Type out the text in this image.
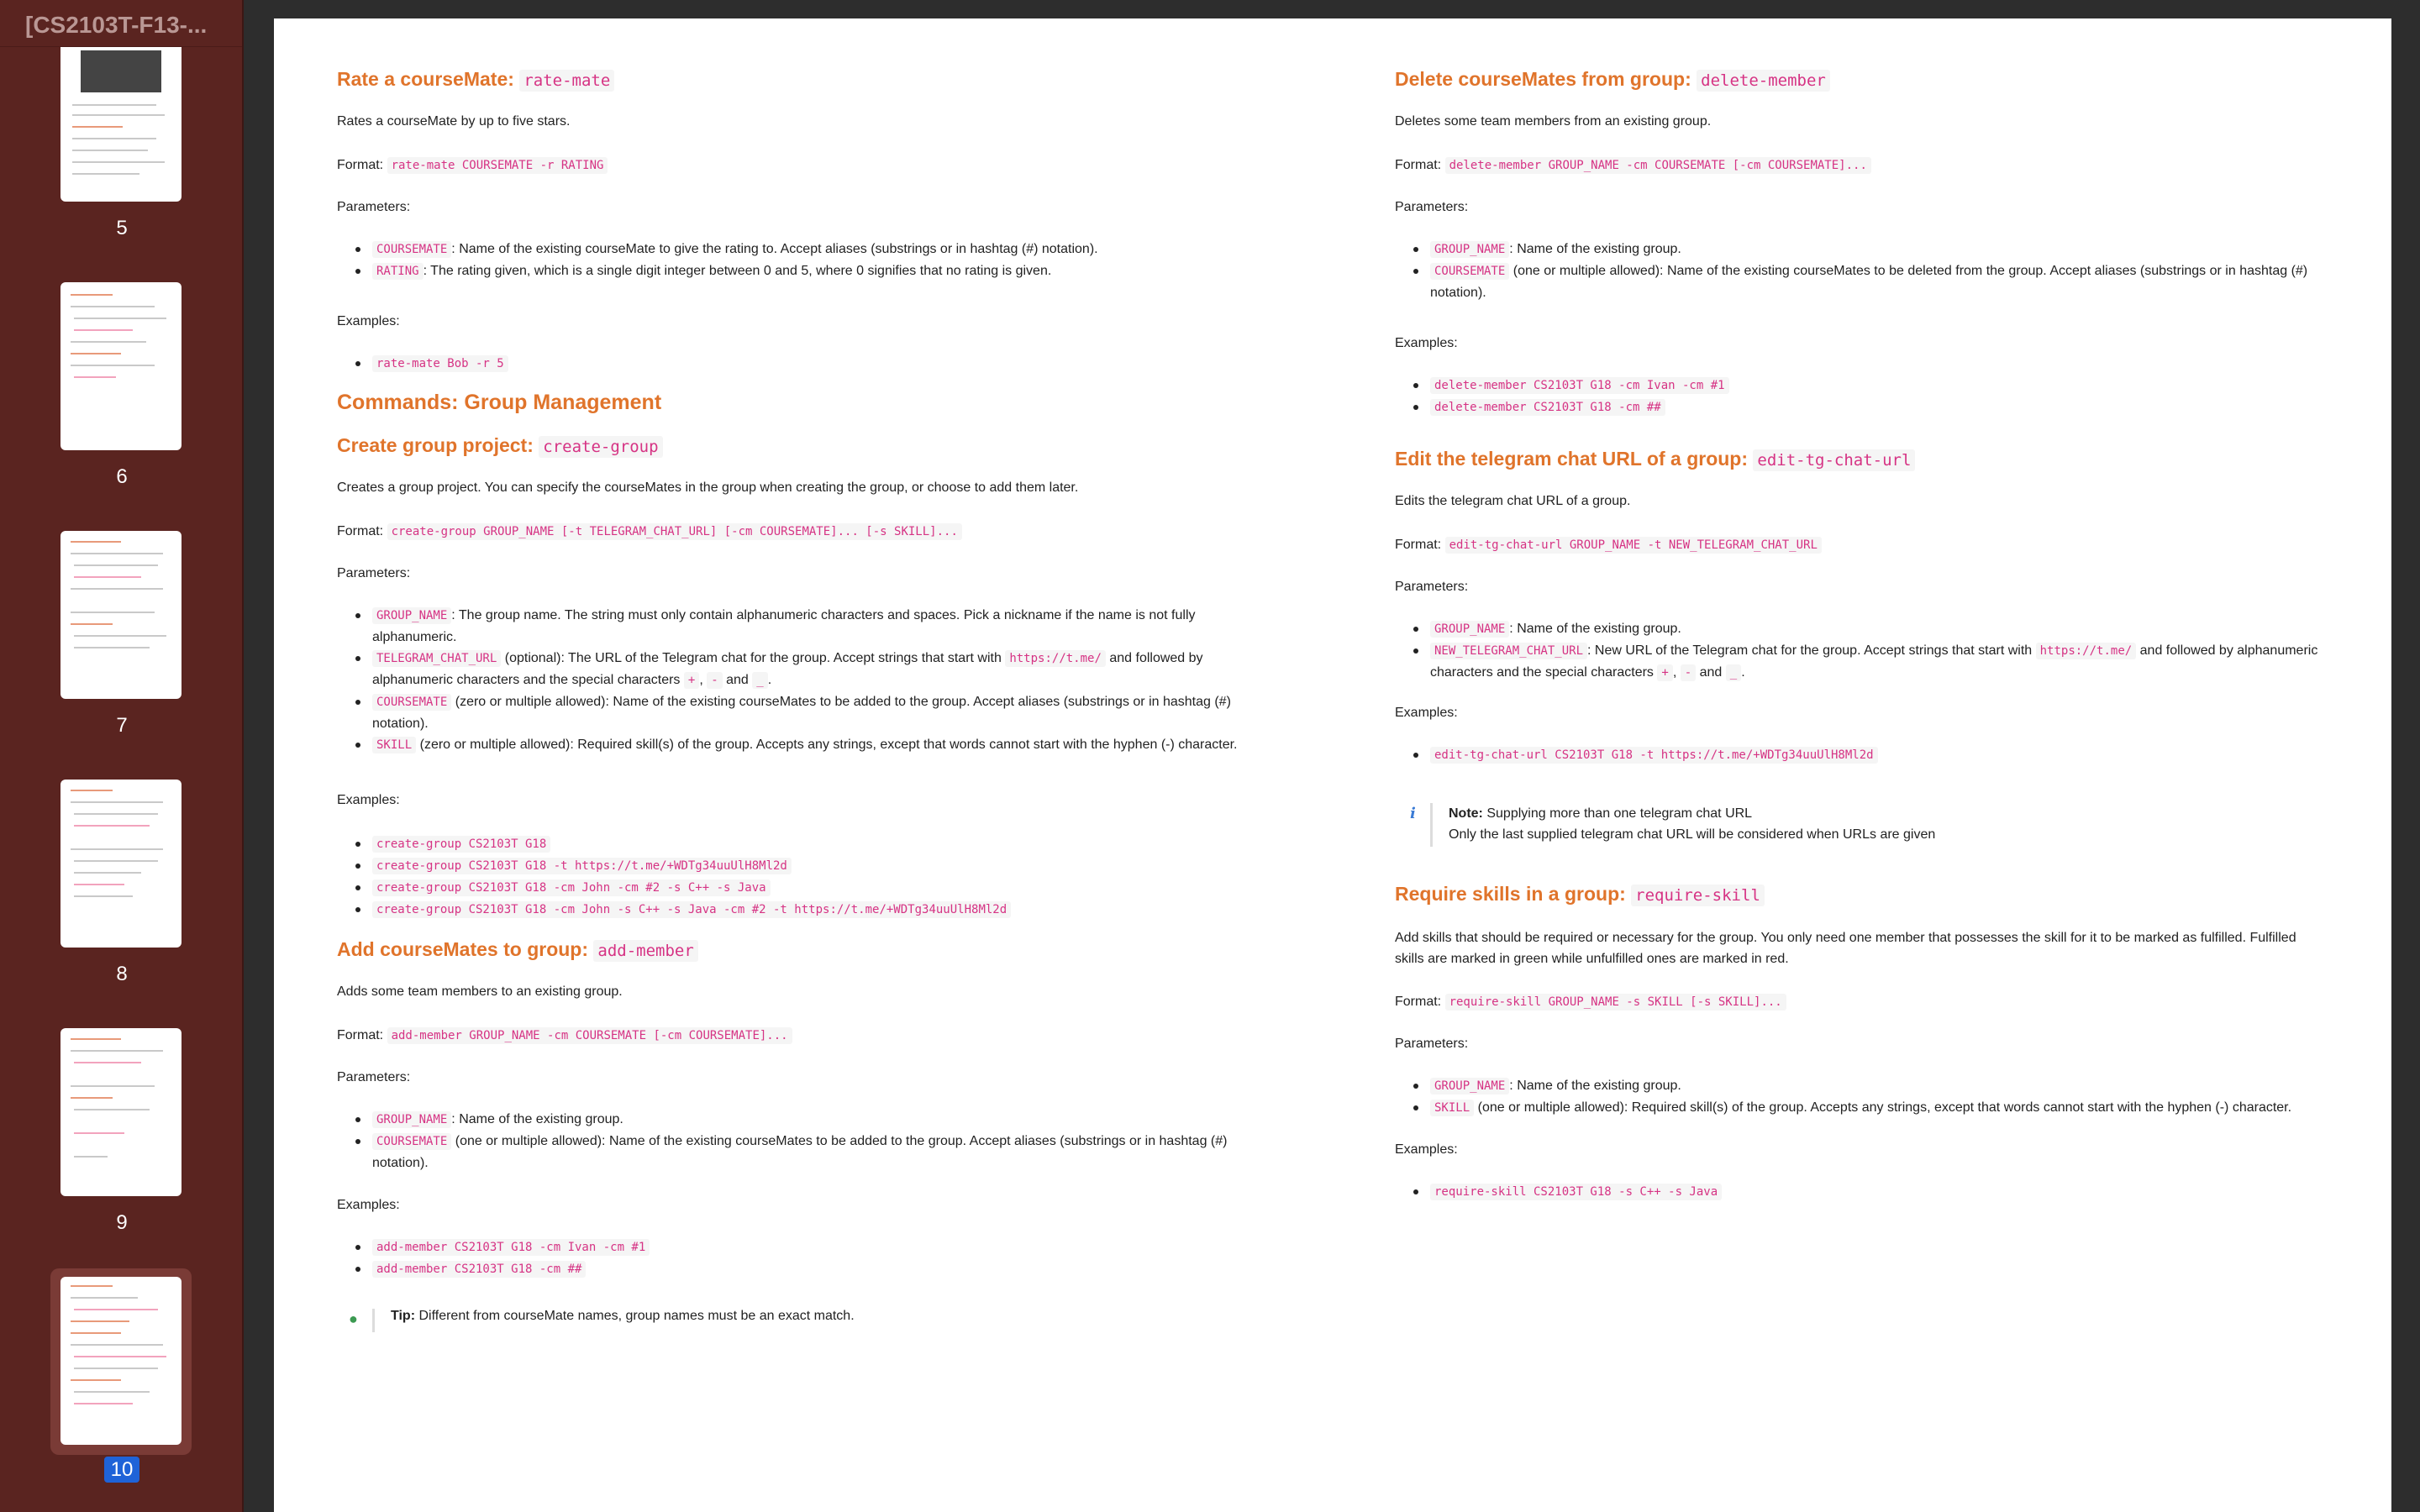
[CS2103T-F13-...
5
6
7
8
9
10
Rate a courseMate: rate-mate

Rates a courseMate by up to five stars.

Format: rate-mate COURSEMATE -r RATING

Parameters:

COURSEMATE : Name of the existing courseMate to give the rating to. Accept aliases (substrings or in hashtag (#) notation).
RATING : The rating given, which is a single digit integer between 0 and 5, where 0 signifies that no rating is given.

Examples:

rate-mate Bob -r 5
Commands: Group Management
Create group project: create-group

Creates a group project. You can specify the courseMates in the group when creating the group, or choose to add them later.

Format: create-group GROUP_NAME [-t TELEGRAM_CHAT_URL] [-cm COURSEMATE]... [-s SKILL]...

Parameters:

GROUP_NAME : The group name. The string must only contain alphanumeric characters and spaces. Pick a nickname if the name is not fully
alphanumeric.
TELEGRAM_CHAT_URL (optional): The URL of the Telegram chat for the group. Accept strings that start with https://t.me/ and followed by
alphanumeric characters and the special characters + , - and _ .
COURSEMATE (zero or multiple allowed): Name of the existing courseMates to be added to the group. Accept aliases (substrings or in hashtag (#)
notation).
SKILL (zero or multiple allowed): Required skill(s) of the group. Accepts any strings, except that words cannot start with the hyphen (-) character.

Examples:

create-group CS2103T G18
create-group CS2103T G18 -t https://t.me/+WDTg34uuUlH8Ml2d
create-group CS2103T G18 -cm John -cm #2 -s C++ -s Java
create-group CS2103T G18 -cm John -s C++ -s Java -cm #2 -t https://t.me/+WDTg34uuUlH8Ml2d
Add courseMates to group: add-member

Adds some team members to an existing group.

Format: add-member GROUP_NAME -cm COURSEMATE [-cm COURSEMATE]...

Parameters:

GROUP_NAME : Name of the existing group.
COURSEMATE (one or multiple allowed): Name of the existing courseMates to be added to the group. Accept aliases (substrings or in hashtag (#)
notation).

Examples:

add-member CS2103T G18 -cm Ivan -cm #1
add-member CS2103T G18 -cm ##
● Tip: Different from courseMate names, group names must be an exact match.
Delete courseMates from group: delete-member

Deletes some team members from an existing group.

Format: delete-member GROUP_NAME -cm COURSEMATE [-cm COURSEMATE]...

Parameters:

GROUP_NAME : Name of the existing group.
COURSEMATE (one or multiple allowed): Name of the existing courseMates to be deleted from the group. Accept aliases (substrings or in hashtag (#)
notation).

Examples:

delete-member CS2103T G18 -cm Ivan -cm #1
delete-member CS2103T G18 -cm ##
Edit the telegram chat URL of a group: edit-tg-chat-url

Edits the telegram chat URL of a group.

Format: edit-tg-chat-url GROUP_NAME -t NEW_TELEGRAM_CHAT_URL

Parameters:

GROUP_NAME : Name of the existing group.
NEW_TELEGRAM_CHAT_URL : New URL of the Telegram chat for the group. Accept strings that start with https://t.me/ and followed by alphanumeric
characters and the special characters + , - and _ .

Examples:

edit-tg-chat-url CS2103T G18 -t https://t.me/+WDTg34uuUlH8Ml2d
i Note: Supplying more than one telegram chat URL
Only the last supplied telegram chat URL will be considered when URLs are given
Require skills in a group: require-skill

Add skills that should be required or necessary for the group. You only need one member that possesses the skill for it to be marked as fulfilled. Fulfilled
skills are marked in green while unfulfilled ones are marked in red.

Format: require-skill GROUP_NAME -s SKILL [-s SKILL]...

Parameters:

GROUP_NAME : Name of the existing group.
SKILL (one or multiple allowed): Required skill(s) of the group. Accepts any strings, except that words cannot start with the hyphen (-) character.

Examples:

require-skill CS2103T G18 -s C++ -s Java
